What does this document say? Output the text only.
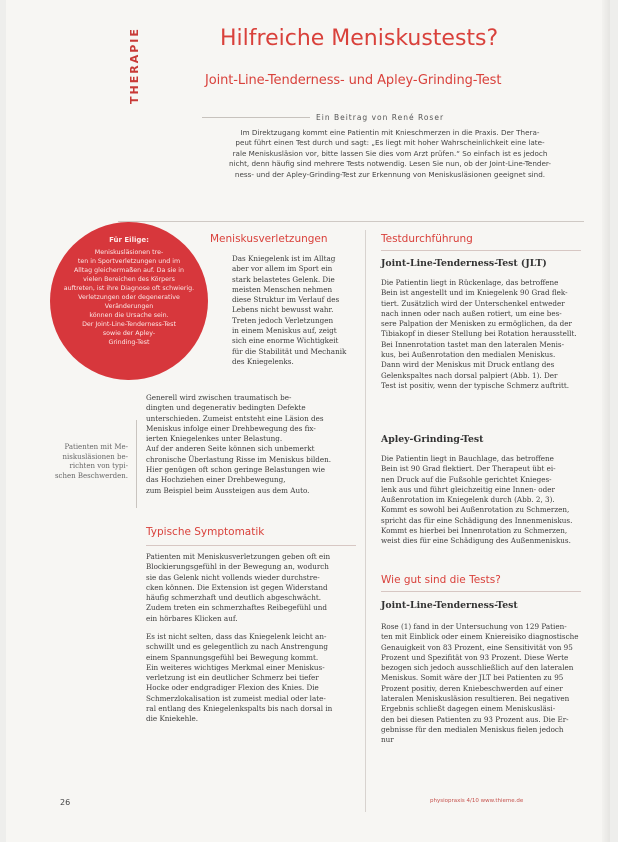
THERAPIE	Hilfreiche Meniskustests?
Joint-Line-Tenderness- und Apley-Grinding-Test
Ein Beitrag von René Roser
Im Direktzugang kommt eine Patientin mit Knieschmerzen in die Praxis. Der Thera-
peut führt einen Test durch und sagt: „Es liegt mit hoher Wahrscheinlichkeit eine late-
rale Meniskusläsion vor, bitte lassen Sie dies vom Arzt prüfen.“ So einfach ist es jedoch
nicht, denn häufig sind mehrere Tests notwendig. Lesen Sie nun, ob der Joint-Line-Tender-
ness- und der Apley-Grinding-Test zur Erkennung von Meniskusläsionen geeignet sind.
Für Eilige:
Meniskusläsionen tre-
ten in Sportverletzungen und im
Alltag gleichermaßen auf. Da sie in
vielen Bereichen des Körpers
auftreten, ist ihre Diagnose oft schwierig.
Verletzungen oder degenerative Veränderungen
können die Ursache sein.
Der Joint-Line-Tenderness-Test
sowie der Apley-
Grinding-Test
Patienten mit Me-
niskusläsionen be-
richten von typi-
schen Beschwerden.
Meniskusverletzungen

Das Kniegelenk ist im Alltag
aber vor allem im Sport ein
stark belastetes Gelenk. Die
meisten Menschen nehmen
diese Struktur im Verlauf des
Lebens nicht bewusst wahr.
Treten jedoch Verletzungen
in einem Meniskus auf, zeigt
sich eine enorme Wichtigkeit
für die Stabilität und Mechanik
des Kniegelenks.

Generell wird zwischen traumatisch be-
dingten und degenerativ bedingten Defekte
unterschieden. Zumeist entsteht eine Läsion des
Meniskus infolge einer Drehbewegung des fix-
ierten Kniegelenkes unter Belastung.
Auf der anderen Seite können sich unbemerkt
chronische Überlastung Risse im Meniskus bilden.
Hier genügen oft schon geringe Belastungen wie
das Hochziehen einer Drehbewegung,
zum Beispiel beim Aussteigen aus dem Auto.

Typische Symptomatik

Patienten mit Meniskusverletzungen geben oft ein
Blockierungsgefühl in der Bewegung an, wodurch
sie das Gelenk nicht vollends wieder durchstre-
cken können. Die Extension ist gegen Widerstand
häufig schmerzhaft und deutlich abgeschwächt.
Zudem treten ein schmerzhaftes Reibegefühl und
ein hörbares Klicken auf.

Es ist nicht selten, dass das Kniegelenk leicht an-
schwillt und es gelegentlich zu nach Anstrengung
einem Spannungsgefühl bei Bewegung kommt.
Ein weiteres wichtiges Merkmal einer Meniskus-
verletzung ist ein deutlicher Schmerz bei tiefer
Hocke oder endgradiger Flexion des Knies. Die
Schmerzlokalisation ist zumeist medial oder late-
ral entlang des Kniegelenkspalts bis nach dorsal in
die Kniekehle.

Testdurchführung
Joint-Line-Tenderness-Test (JLT)

Die Patientin liegt in Rückenlage, das betroffene
Bein ist angestellt und im Kniegelenk 90 Grad flek-
tiert. Zusätzlich wird der Unterschenkel entweder
nach innen oder nach außen rotiert, um eine bes-
sere Palpation der Menisken zu ermöglichen, da der
Tibiakopf in dieser Stellung bei Rotation herausstellt.
Bei Innenrotation tastet man den lateralen Menis-
kus, bei Außenrotation den medialen Meniskus.
Dann wird der Meniskus mit Druck entlang des
Gelenkspaltes nach dorsal palpiert (Abb. 1). Der
Test ist positiv, wenn der typische Schmerz auftritt.

Apley-Grinding-Test

Die Patientin liegt in Bauchlage, das betroffene
Bein ist 90 Grad flektiert. Der Therapeut übt ei-
nen Druck auf die Fußsohle gerichtet Knieges-
lenk aus und führt gleichzeitig eine Innen- oder
Außenrotation im Kniegelenk durch (Abb. 2, 3).
Kommt es sowohl bei Außenrotation zu Schmerzen,
spricht das für eine Schädigung des Innenmeniskus.
Kommt es hierbei bei Innenrotation zu Schmerzen,
weist dies für eine Schädigung des Außenmeniskus.

Wie gut sind die Tests?
Joint-Line-Tenderness-Test

Rose (1) fand in der Untersuchung von 129 Patien-
ten mit Einblick oder einem Kniereisiko diagnostische
Genauigkeit von 83 Prozent, eine Sensitivität von 95
Prozent und Spezifität von 93 Prozent. Diese Werte
bezogen sich jedoch ausschließlich auf den lateralen
Meniskus. Somit wäre der JLT bei Patienten zu 95
Prozent positiv, deren Kniebeschwerden auf einer
lateralen Meniskusläsion resultieren. Bei negativen
Ergebnis schließt dagegen einem Meniskusläsi-
den bei diesen Patienten zu 93 Prozent aus. Die Er-
gebnisse für den medialen Meniskus fielen jedoch
nur

26	physiopraxis 4/10 www.thieme.de
